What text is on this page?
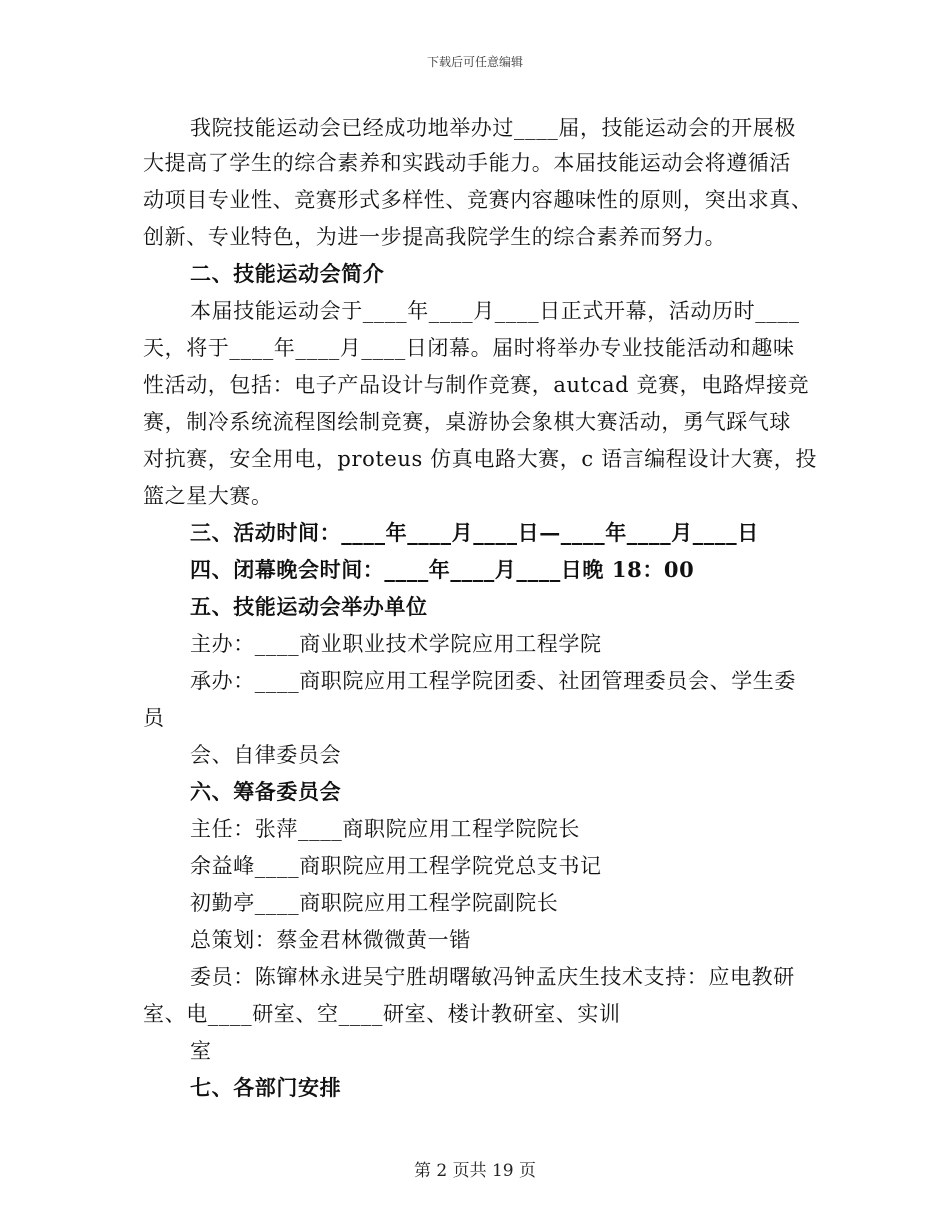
下载后可任意编辑
我院技能运动会已经成功地举办过____届，技能运动会的开展极
大提高了学生的综合素养和实践动手能力。本届技能运动会将遵循活
动项目专业性、竞赛形式多样性、竞赛内容趣味性的原则，突出求真、
创新、专业特色，为进一步提高我院学生的综合素养而努力。
二、技能运动会简介
本届技能运动会于____年____月____日正式开幕，活动历时____
天，将于____年____月____日闭幕。届时将举办专业技能活动和趣味
性活动，包括：电子产品设计与制作竞赛，autcad 竞赛，电路焊接竞
赛，制冷系统流程图绘制竞赛，桌游协会象棋大赛活动，勇气踩气球
对抗赛，安全用电，proteus 仿真电路大赛，c 语言编程设计大赛，投
篮之星大赛。
三、活动时间：____年____月____日—____年____月____日
四、闭幕晚会时间：____年____月____日晚 18：00
五、技能运动会举办单位
主办：____商业职业技术学院应用工程学院
承办：____商职院应用工程学院团委、社团管理委员会、学生委
员
会、自律委员会
六、筹备委员会
主任：张萍____商职院应用工程学院院长
余益峰____商职院应用工程学院党总支书记
初勤亭____商职院应用工程学院副院长
总策划：蔡金君林微微黄一锴
委员：陈镩林永进吴宁胜胡曙敏冯钟孟庆生技术支持：应电教研
室、电____研室、空____研室、楼计教研室、实训
室
七、各部门安排
第 2 页共 19 页
